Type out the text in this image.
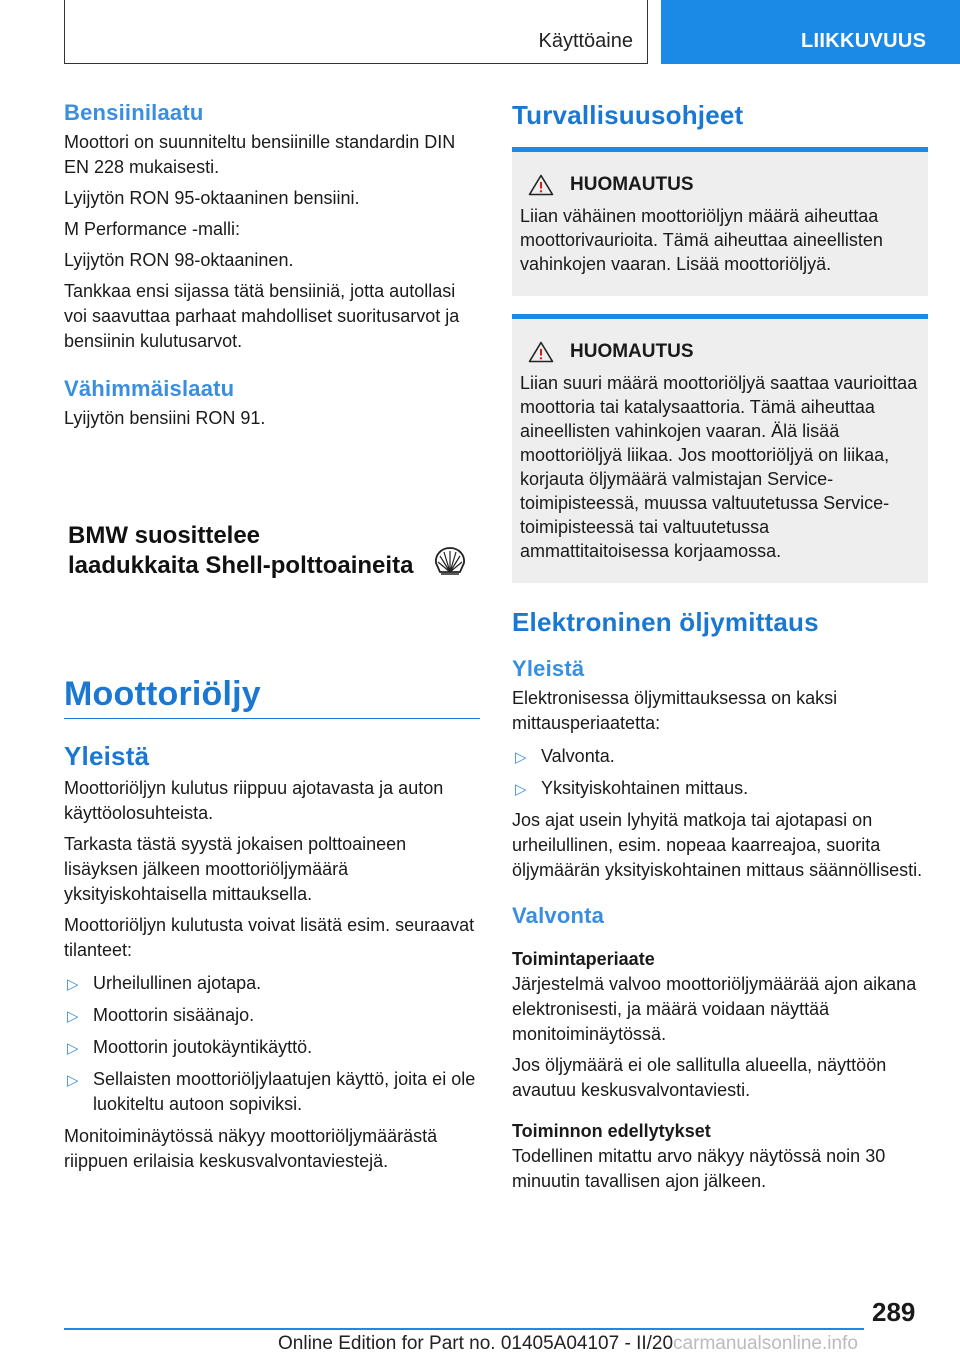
Käyttöaine	LIIKKUVUUS
Bensiinilaatu

Moottori on suunniteltu bensiinille standardin DIN EN 228 mukaisesti.

Lyijytön RON 95-oktaaninen bensiini.

M Performance -malli:

Lyijytön RON 98-oktaaninen.

Tankkaa ensi sijassa tätä bensiiniä, jotta autollasi voi saavuttaa parhaat mahdolliset suoritusarvot ja bensiinin kulutusarvot.

Vähimmäislaatu

Lyijytön bensiini RON 91.

BMW suosittelee
laadukkaita Shell-polttoaineita
Moottoriöljy
Yleistä

Moottoriöljyn kulutus riippuu ajotavasta ja auton käyttöolosuhteista.

Tarkasta tästä syystä jokaisen polttoaineen lisäyksen jälkeen moottoriöljymäärä yksityiskohtaisella mittauksella.

Moottoriöljyn kulutusta voivat lisätä esim. seuraavat tilanteet:

▷ Urheilullinen ajotapa.
▷ Moottorin sisäänajo.
▷ Moottorin joutokäyntikäyttö.
▷ Sellaisten moottoriöljylaatujen käyttö, joita ei ole luokiteltu autoon sopiviksi.

Monitoiminäytössä näkyy moottoriöljymäärästä riippuen erilaisia keskusvalvontaviestejä.

Turvallisuusohjeet
HUOMAUTUS

Liian vähäinen moottoriöljyn määrä aiheuttaa moottorivaurioita. Tämä aiheuttaa aineellisten vahinkojen vaaran. Lisää moottoriöljyä.

HUOMAUTUS

Liian suuri määrä moottoriöljyä saattaa vaurioittaa moottoria tai katalysaattoria. Tämä aiheuttaa aineellisten vahinkojen vaaran. Älä lisää moottoriöljyä liikaa. Jos moottoriöljyä on liikaa, korjauta öljymäärä valmistajan Service-toimipisteessä, muussa valtuutetussa Service-toimipisteessä tai valtuutetussa ammattitaitoisessa korjaamossa.

Elektroninen öljymittaus
Yleistä

Elektronisessa öljymittauksessa on kaksi mittausperiaatetta:

▷ Valvonta.
▷ Yksityiskohtainen mittaus.

Jos ajat usein lyhyitä matkoja tai ajotapasi on urheilullinen, esim. nopeaa kaarreajoa, suorita öljymäärän yksityiskohtainen mittaus säännöllisesti.

Valvonta
Toimintaperiaate

Järjestelmä valvoo moottoriöljymäärää ajon aikana elektronisesti, ja määrä voidaan näyttää monitoiminäytössä.

Jos öljymäärä ei ole sallitulla alueella, näyttöön avautuu keskusvalvontaviesti.

Toiminnon edellytykset

Todellinen mitattu arvo näkyy näytössä noin 30 minuutin tavallisen ajon jälkeen.

289
Online Edition for Part no. 01405A04107 - II/20carmanualsonline.info
